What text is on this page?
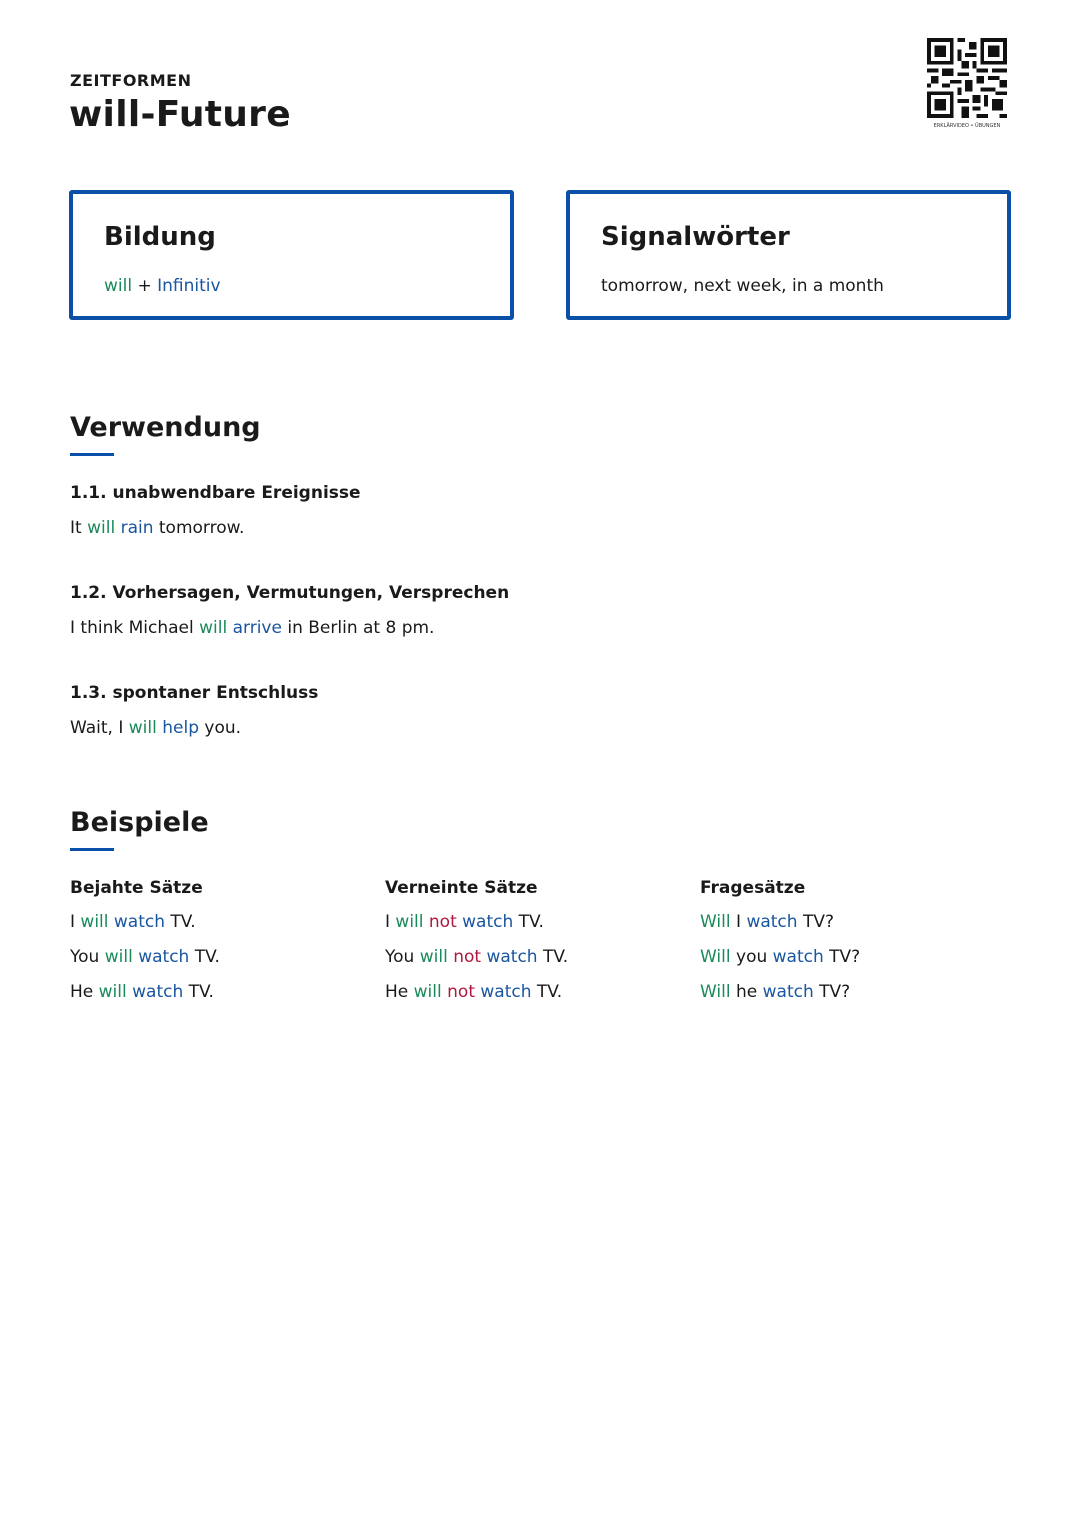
ZEITFORMEN
will-Future	ERKLÄRVIDEO • ÜBUNGEN
Bildung
will + Infinitiv
Signalwörter
tomorrow, next week, in a month
Verwendung
1.1. unabwendbare Ereignisse
It will rain tomorrow.
1.2. Vorhersagen, Vermutungen, Versprechen
I think Michael will arrive in Berlin at 8 pm.
1.3. spontaner Entschluss
Wait, I will help you.
Beispiele
Bejahte Sätze
I will watch TV.
You will watch TV.
He will watch TV.
Verneinte Sätze
I will not watch TV.
You will not watch TV.
He will not watch TV.
Fragesätze
Will I watch TV?
Will you watch TV?
Will he watch TV?
